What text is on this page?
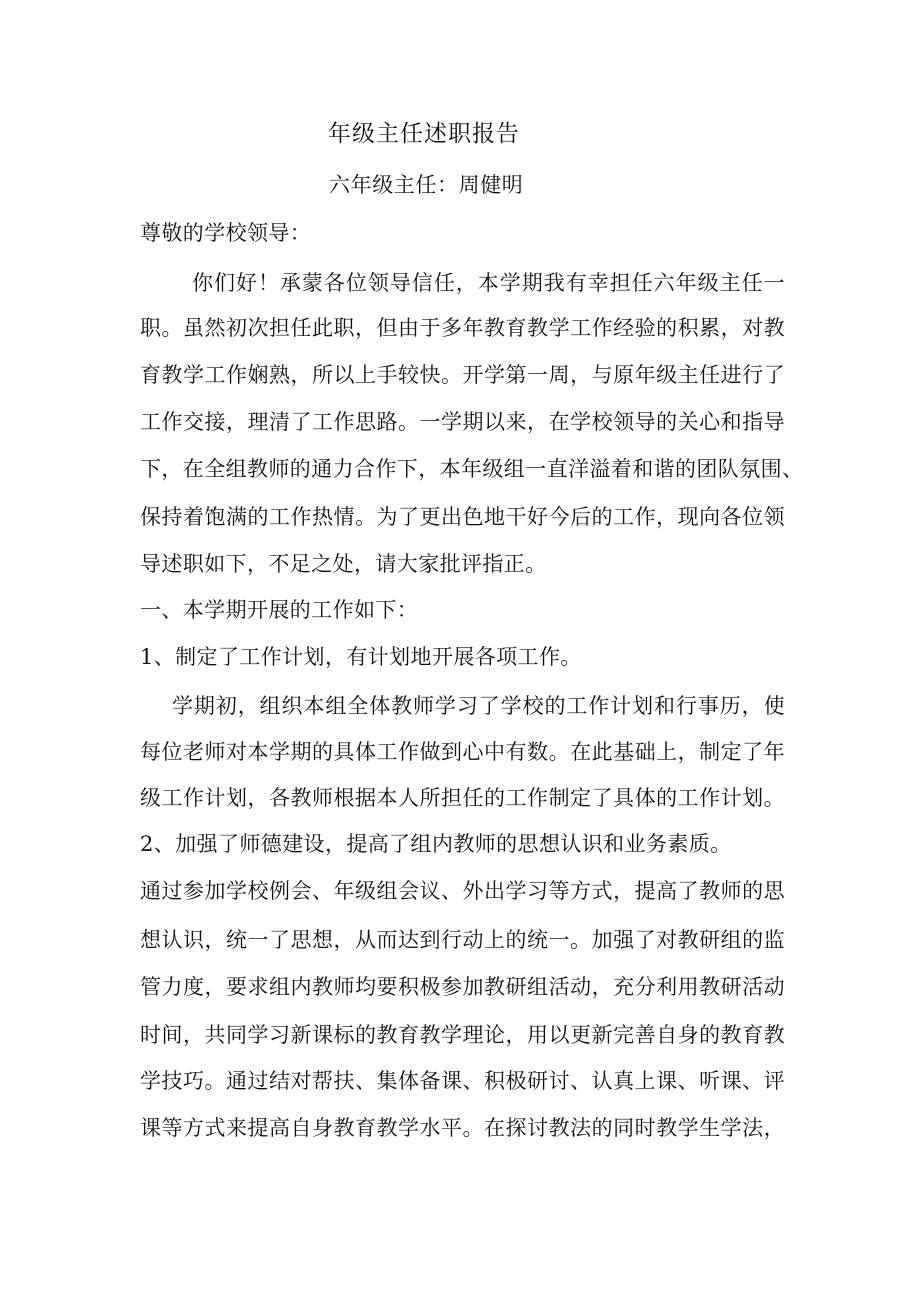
年级主任述职报告
六年级主任：周健明
尊敬的学校领导：
你们好！承蒙各位领导信任，本学期我有幸担任六年级主任一
职。虽然初次担任此职，但由于多年教育教学工作经验的积累，对教
育教学工作娴熟，所以上手较快。开学第一周，与原年级主任进行了
工作交接，理清了工作思路。一学期以来，在学校领导的关心和指导
下，在全组教师的通力合作下，本年级组一直洋溢着和谐的团队氛围、
保持着饱满的工作热情。为了更出色地干好今后的工作，现向各位领
导述职如下，不足之处，请大家批评指正。
一、本学期开展的工作如下：
1、制定了工作计划，有计划地开展各项工作。
学期初，组织本组全体教师学习了学校的工作计划和行事历，使
每位老师对本学期的具体工作做到心中有数。在此基础上，制定了年
级工作计划，各教师根据本人所担任的工作制定了具体的工作计划。
2、加强了师德建设，提高了组内教师的思想认识和业务素质。
通过参加学校例会、年级组会议、外出学习等方式，提高了教师的思
想认识，统一了思想，从而达到行动上的统一。加强了对教研组的监
管力度，要求组内教师均要积极参加教研组活动，充分利用教研活动
时间，共同学习新课标的教育教学理论，用以更新完善自身的教育教
学技巧。通过结对帮扶、集体备课、积极研讨、认真上课、听课、评
课等方式来提高自身教育教学水平。在探讨教法的同时教学生学法，
